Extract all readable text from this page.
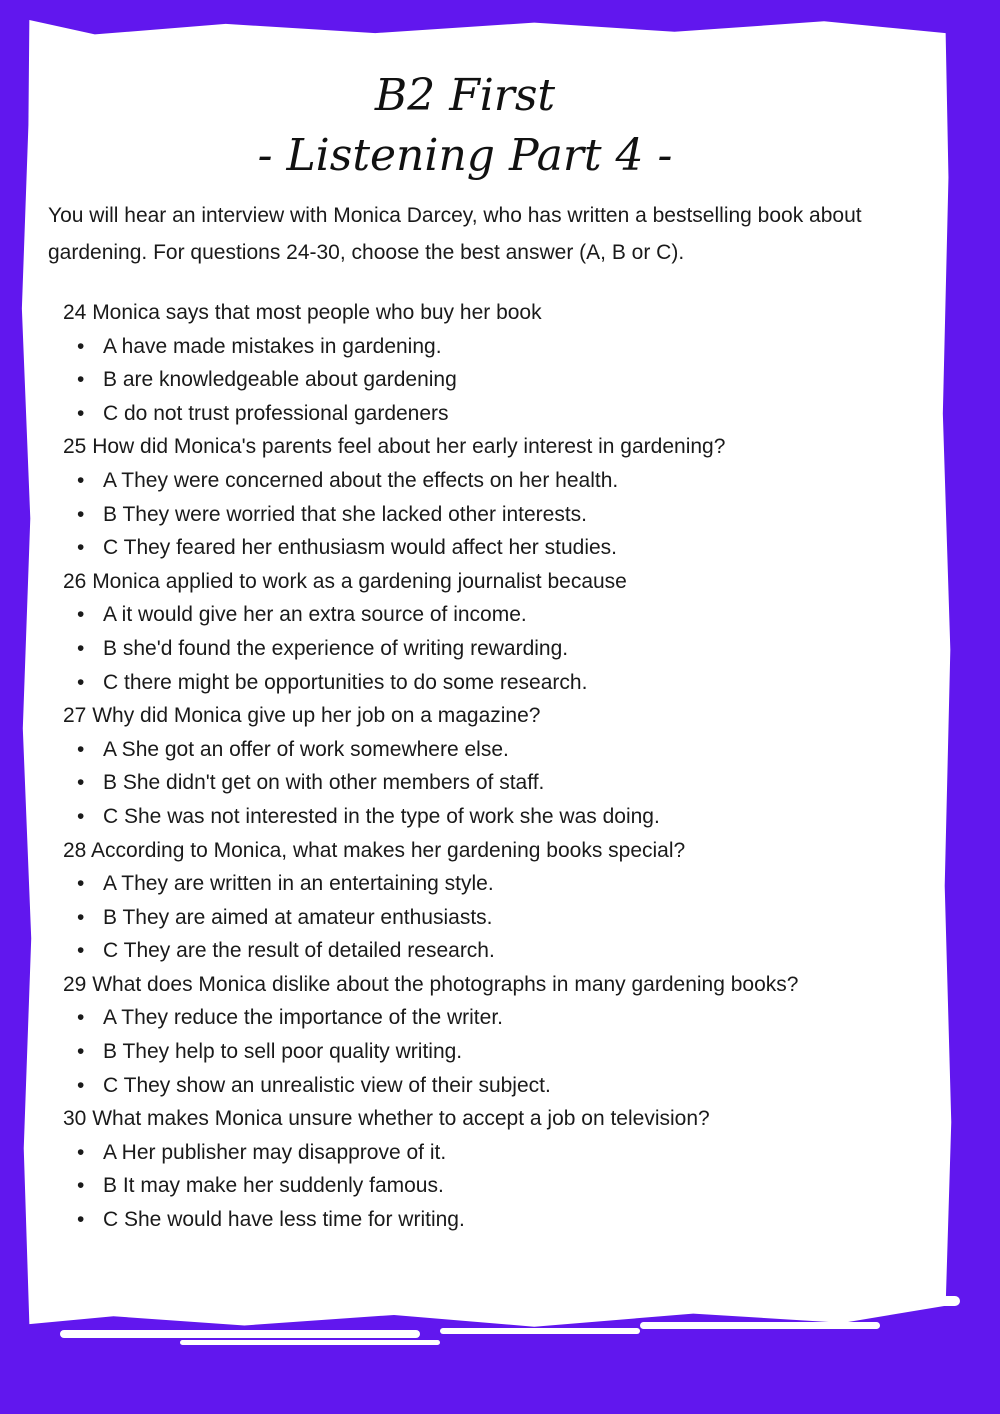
B2 First
- Listening Part 4 -

You will hear an interview with Monica Darcey, who has written a bestselling book about gardening. For questions 24-30, choose the best answer (A, B or C).

24 Monica says that most people who buy her book
• A have made mistakes in gardening.
• B are knowledgeable about gardening
• C do not trust professional gardeners
25 How did Monica's parents feel about her early interest in gardening?
• A They were concerned about the effects on her health.
• B They were worried that she lacked other interests.
• C They feared her enthusiasm would affect her studies.
26 Monica applied to work as a gardening journalist because
• A it would give her an extra source of income.
• B she'd found the experience of writing rewarding.
• C there might be opportunities to do some research.
27 Why did Monica give up her job on a magazine?
• A She got an offer of work somewhere else.
• B She didn't get on with other members of staff.
• C She was not interested in the type of work she was doing.
28 According to Monica, what makes her gardening books special?
• A They are written in an entertaining style.
• B They are aimed at amateur enthusiasts.
• C They are the result of detailed research.
29 What does Monica dislike about the photographs in many gardening books?
• A They reduce the importance of the writer.
• B They help to sell poor quality writing.
• C They show an unrealistic view of their subject.
30 What makes Monica unsure whether to accept a job on television?
• A Her publisher may disapprove of it.
• B It may make her suddenly famous.
• C She would have less time for writing.
